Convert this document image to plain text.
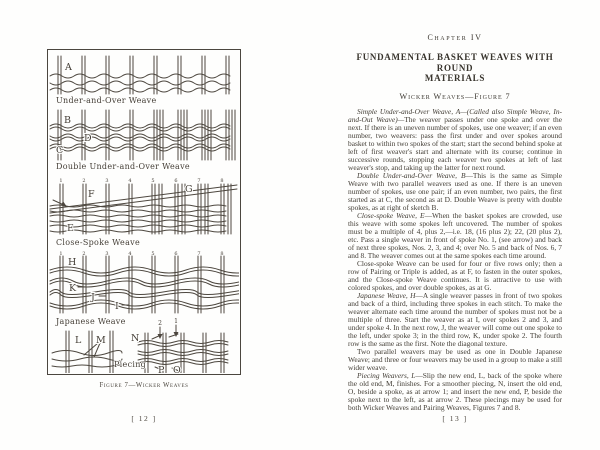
A
Under-and-Over Weave
B
D
C
Double Under-and-Over Weave
1	2	3	4	5	6	7	8
F	G
E
Close-Spoke Weave
1	2	3	4	5	6	7	8
H
K
J
I
Japanese Weave
L M	N
2 1
P O
Piecing
Figure 7—Wicker Weaves
[ 12 ]
Chapter IV
FUNDAMENTAL BASKET WEAVES WITH ROUND
MATERIALS
Wicker Weaves—Figure 7

Simple Under-and-Over Weave, A—(Called also Simple Weave, In-and-Out Weave)—The weaver passes under one spoke and over the next. If there is an uneven number of spokes, use one weaver; if an even number, two weavers: pass the first under and over spokes around basket to within two spokes of the start; start the second behind spoke at left of first weaver's start and alternate with its course; continue in successive rounds, stopping each weaver two spokes at left of last weaver's stop, and taking up the latter for next round.

Double Under-and-Over Weave, B—This is the same as Simple Weave with two parallel weavers used as one. If there is an uneven number of spokes, use one pair; if an even number, two pairs, the first started as at C, the second as at D. Double Weave is pretty with double spokes, as at right of sketch B.

Close-spoke Weave, E—When the basket spokes are crowded, use this weave with some spokes left uncovered. The number of spokes must be a multiple of 4, plus 2,—i.e. 18, (16 plus 2); 22, (20 plus 2), etc. Pass a single weaver in front of spoke No. 1, (see arrow) and back of next three spokes, Nos. 2, 3, and 4; over No. 5 and back of Nos. 6, 7 and 8. The weaver comes out at the same spokes each time around.

Close-spoke Weave can be used for four or five rows only; then a row of Pairing or Triple is added, as at F, to fasten in the outer spokes, and the Close-spoke Weave continues. It is attractive to use with colored spokes, and over double spokes, as at G.

Japanese Weave, H—A single weaver passes in front of two spokes and back of a third, including three spokes in each stitch. To make the weaver alternate each time around the number of spokes must not be a multiple of three. Start the weaver as at I, over spokes 2 and 3, and under spoke 4. In the next row, J, the weaver will come out one spoke to the left, under spoke 3; in the third row, K, under spoke 2. The fourth row is the same as the first. Note the diagonal texture.

Two parallel weavers may be used as one in Double Japanese Weave; and three or four weavers may be used in a group to make a still wider weave.

Piecing Weavers, L—Slip the new end, L, back of the spoke where the old end, M, finishes. For a smoother piecing, N, insert the old end, O, beside a spoke, as at arrow 1; and insert the new end, P, beside the spoke next to the left, as at arrow 2. These piecings may be used for both Wicker Weaves and Pairing Weaves, Figures 7 and 8.

[ 13 ]
